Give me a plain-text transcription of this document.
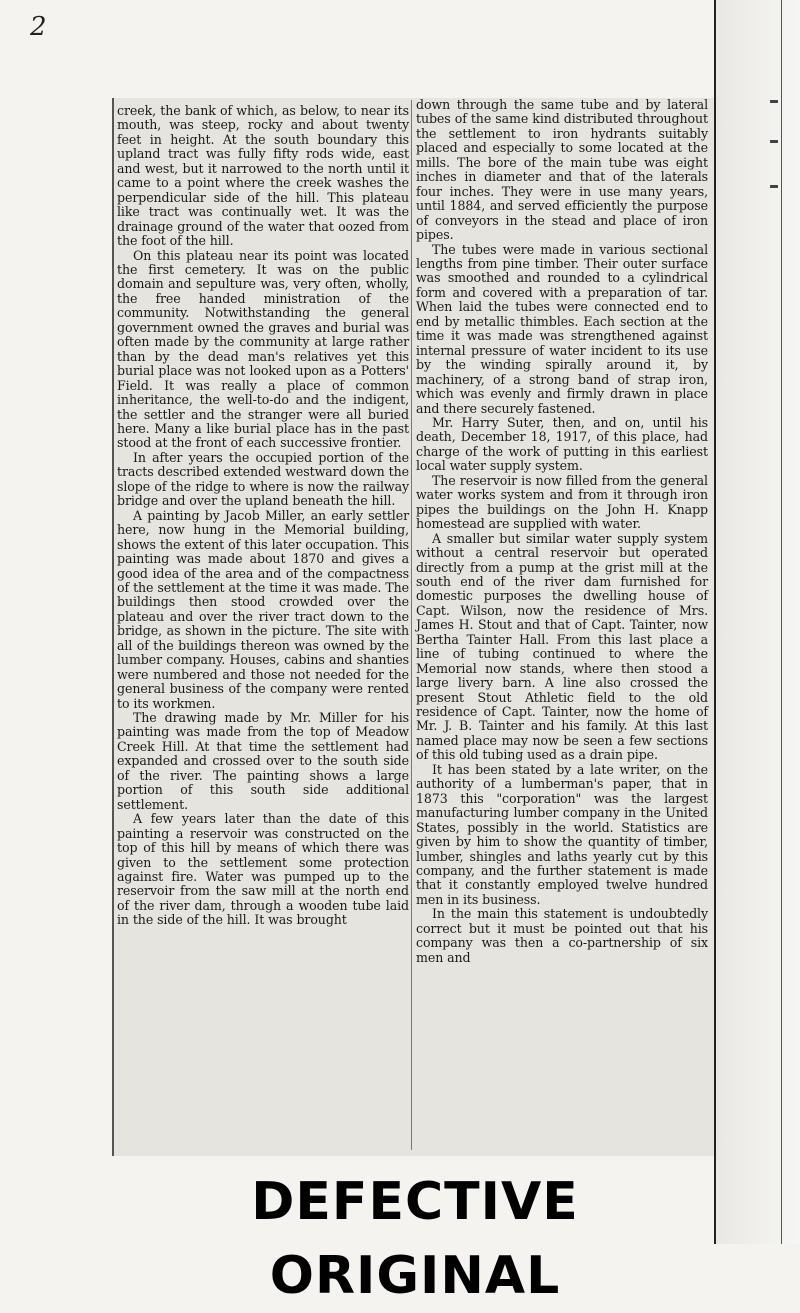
2

creek, the bank of which, as below, to near its mouth, was steep, rocky and about twenty feet in height. At the south boundary this upland tract was fully fifty rods wide, east and west, but it narrowed to the north until it came to a point where the creek washes the perpendicular side of the hill. This plateau like tract was continually wet. It was the drainage ground of the water that oozed from the foot of the hill.

On this plateau near its point was located the first cemetery. It was on the public domain and sepulture was, very often, wholly, the free handed ministration of the community. Notwithstanding the general government owned the graves and burial was often made by the community at large rather than by the dead man's relatives yet this burial place was not looked upon as a Potters' Field. It was really a place of common inheritance, the well-to-do and the indigent, the settler and the stranger were all buried here. Many a like burial place has in the past stood at the front of each successive frontier.

In after years the occupied portion of the tracts described extended westward down the slope of the ridge to where is now the railway bridge and over the upland beneath the hill.

A painting by Jacob Miller, an early settler here, now hung in the Memorial building, shows the extent of this later occupation. This painting was made about 1870 and gives a good idea of the area and of the compactness of the settlement at the time it was made. The buildings then stood crowded over the plateau and over the river tract down to the bridge, as shown in the picture. The site with all of the buildings thereon was owned by the lumber company. Houses, cabins and shanties were numbered and those not needed for the general business of the company were rented to its workmen.

The drawing made by Mr. Miller for his painting was made from the top of Meadow Creek Hill. At that time the settlement had expanded and crossed over to the south side of the river. The painting shows a large portion of this south side additional settlement.

A few years later than the date of this painting a reservoir was constructed on the top of this hill by means of which there was given to the settlement some protection against fire. Water was pumped up to the reservoir from the saw mill at the north end of the river dam, through a wooden tube laid in the side of the hill. It was brought

down through the same tube and by lateral tubes of the same kind distributed throughout the settlement to iron hydrants suitably placed and especially to some located at the mills. The bore of the main tube was eight inches in diameter and that of the laterals four inches. They were in use many years, until 1884, and served efficiently the purpose of conveyors in the stead and place of iron pipes.

The tubes were made in various sectional lengths from pine timber. Their outer surface was smoothed and rounded to a cylindrical form and covered with a preparation of tar. When laid the tubes were connected end to end by metallic thimbles. Each section at the time it was made was strengthened against internal pressure of water incident to its use by the winding spirally around it, by machinery, of a strong band of strap iron, which was evenly and firmly drawn in place and there securely fastened.

Mr. Harry Suter, then, and on, until his death, December 18, 1917, of this place, had charge of the work of putting in this earliest local water supply system.

The reservoir is now filled from the general water works system and from it through iron pipes the buildings on the John H. Knapp homestead are supplied with water.

A smaller but similar water supply system without a central reservoir but operated directly from a pump at the grist mill at the south end of the river dam furnished for domestic purposes the dwelling house of Capt. Wilson, now the residence of Mrs. James H. Stout and that of Capt. Tainter, now Bertha Tainter Hall. From this last place a line of tubing continued to where the Memorial now stands, where then stood a large livery barn. A line also crossed the present Stout Athletic field to the old residence of Capt. Tainter, now the home of Mr. J. B. Tainter and his family. At this last named place may now be seen a few sections of this old tubing used as a drain pipe.

It has been stated by a late writer, on the authority of a lumberman's paper, that in 1873 this "corporation" was the largest manufacturing lumber company in the United States, possibly in the world. Statistics are given by him to show the quantity of timber, lumber, shingles and laths yearly cut by this company, and the further statement is made that it constantly employed twelve hundred men in its business.

In the main this statement is undoubtedly correct but it must be pointed out that his company was then a co-partnership of six men and

DEFECTIVE ORIGINAL
